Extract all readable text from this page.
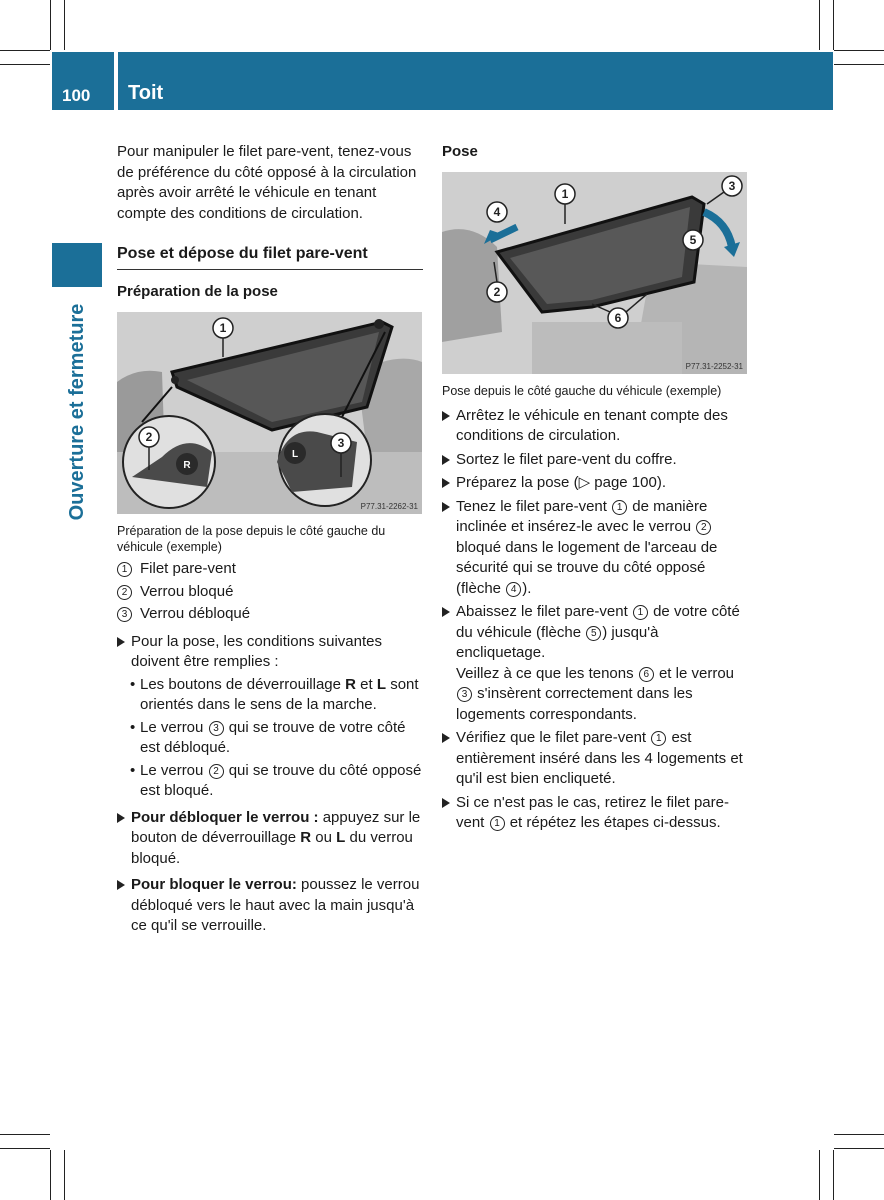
100 Toit
Ouverture et fermeture

Pour manipuler le filet pare-vent, tenez-vous de préférence du côté opposé à la circulation après avoir arrêté le véhicule en tenant compte des conditions de circulation.

Pose et dépose du filet pare-vent
Préparation de la pose
1
2	3
R
L
P77.31-2262-31
Préparation de la pose depuis le côté gauche du véhicule (exemple)
1 Filet pare-vent
2 Verrou bloqué
3 Verrou débloqué
Pour la pose, les conditions suivantes doivent être remplies :
• Les boutons de déverrouillage R et L sont orientés dans le sens de la marche.
• Le verrou 3 qui se trouve de votre côté est débloqué.
• Le verrou 2 qui se trouve du côté opposé est bloqué.
Pour débloquer le verrou : appuyez sur le bouton de déverrouillage R ou L du verrou bloqué.
Pour bloquer le verrou: poussez le verrou débloqué vers le haut avec la main jusqu'à ce qu'il se verrouille.
Pose
1
2
3
4
5
6
P77.31-2252-31
Pose depuis le côté gauche du véhicule (exemple)
Arrêtez le véhicule en tenant compte des conditions de circulation.
Sortez le filet pare-vent du coffre.
Préparez la pose (▷ page 100).
Tenez le filet pare-vent 1 de manière inclinée et insérez-le avec le verrou 2 bloqué dans le logement de l'arceau de sécurité qui se trouve du côté opposé (flèche 4 ).
Abaissez le filet pare-vent 1 de votre côté du véhicule (flèche 5 ) jusqu'à encliquetage.
Veillez à ce que les tenons 6 et le verrou 3 s'insèrent correctement dans les logements correspondants.
Vérifiez que le filet pare-vent 1 est entièrement inséré dans les 4 logements et qu'il est bien encliqueté.
Si ce n'est pas le cas, retirez le filet pare-vent 1 et répétez les étapes ci-dessus.
